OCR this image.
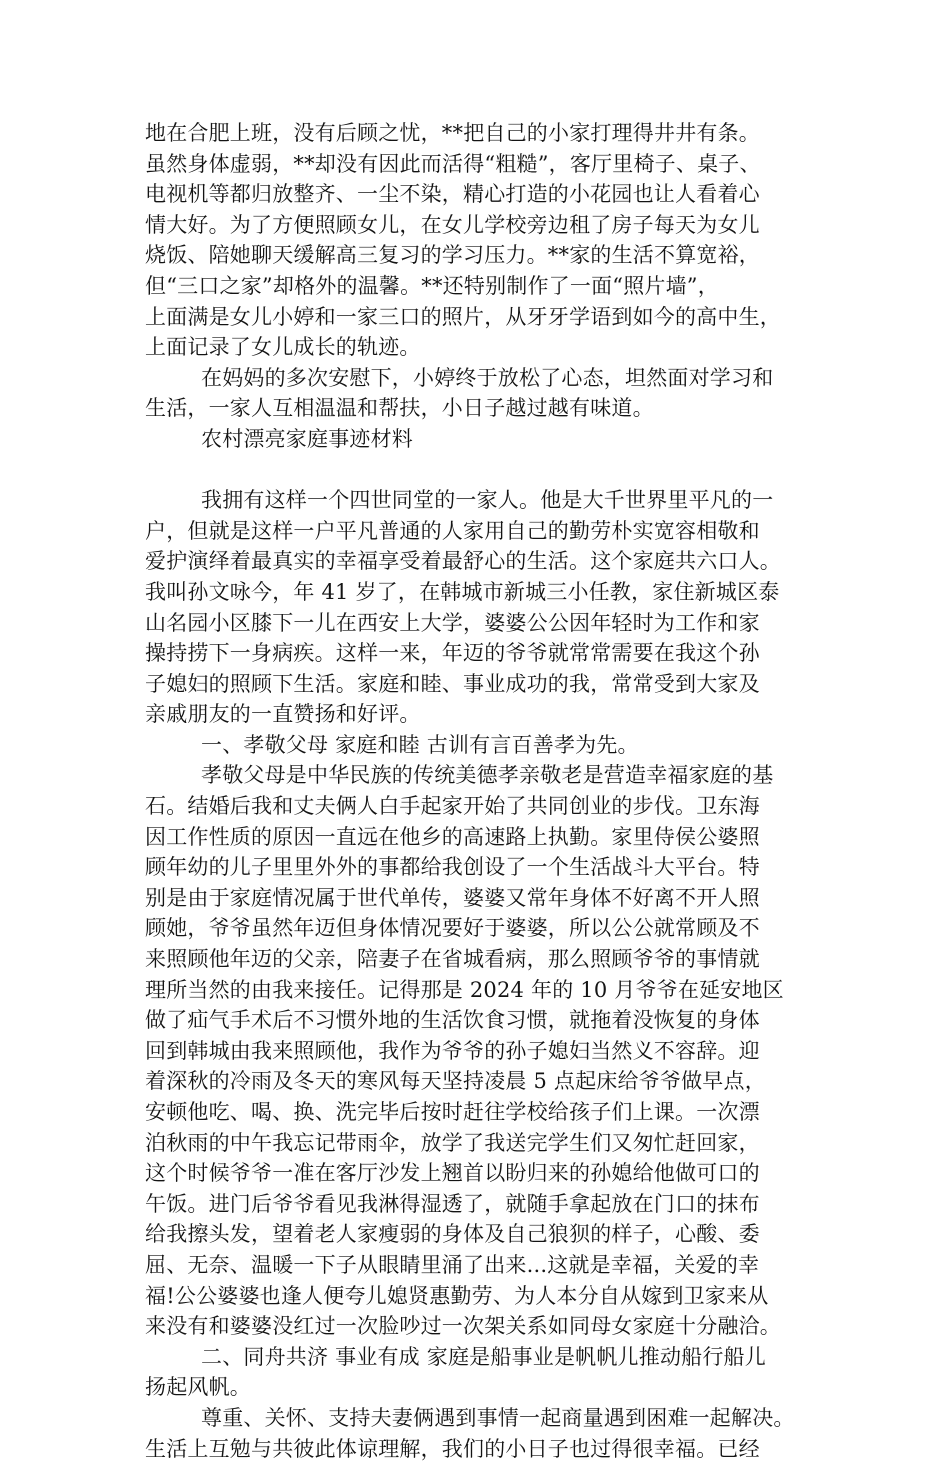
地在合肥上班，没有后顾之忧，**把自己的小家打理得井井有条。
虽然身体虚弱，**却没有因此而活得“粗糙”，客厅里椅子、桌子、
电视机等都归放整齐、一尘不染，精心打造的小花园也让人看着心
情大好。为了方便照顾女儿，在女儿学校旁边租了房子每天为女儿
烧饭、陪她聊天缓解高三复习的学习压力。**家的生活不算宽裕，
但“三口之家”却格外的温馨。**还特别制作了一面“照片墙”，
上面满是女儿小婷和一家三口的照片，从牙牙学语到如今的高中生，
上面记录了女儿成长的轨迹。

在妈妈的多次安慰下，小婷终于放松了心态，坦然面对学习和
生活，一家人互相温温和帮扶，小日子越过越有味道。

农村漂亮家庭事迹材料

我拥有这样一个四世同堂的一家人。他是大千世界里平凡的一
户，但就是这样一户平凡普通的人家用自己的勤劳朴实宽容相敬和
爱护演绎着最真实的幸福享受着最舒心的生活。这个家庭共六口人。
我叫孙文咏今，年 41 岁了，在韩城市新城三小任教，家住新城区泰
山名园小区膝下一儿在西安上大学，婆婆公公因年轻时为工作和家
操持捞下一身病疾。这样一来，年迈的爷爷就常常需要在我这个孙
子媳妇的照顾下生活。家庭和睦、事业成功的我，常常受到大家及
亲戚朋友的一直赞扬和好评。

一、孝敬父母 家庭和睦 古训有言百善孝为先。

孝敬父母是中华民族的传统美德孝亲敬老是营造幸福家庭的基
石。结婚后我和丈夫俩人白手起家开始了共同创业的步伐。卫东海
因工作性质的原因一直远在他乡的高速路上执勤。家里侍侯公婆照
顾年幼的儿子里里外外的事都给我创设了一个生活战斗大平台。特
别是由于家庭情况属于世代单传，婆婆又常年身体不好离不开人照
顾她，爷爷虽然年迈但身体情况要好于婆婆，所以公公就常顾及不
来照顾他年迈的父亲，陪妻子在省城看病，那么照顾爷爷的事情就
理所当然的由我来接任。记得那是 2024 年的 10 月爷爷在延安地区
做了疝气手术后不习惯外地的生活饮食习惯，就拖着没恢复的身体
回到韩城由我来照顾他，我作为爷爷的孙子媳妇当然义不容辞。迎
着深秋的冷雨及冬天的寒风每天坚持凌晨 5 点起床给爷爷做早点，
安顿他吃、喝、换、洗完毕后按时赶往学校给孩子们上课。一次漂
泊秋雨的中午我忘记带雨伞，放学了我送完学生们又匆忙赶回家，
这个时候爷爷一准在客厅沙发上翘首以盼归来的孙媳给他做可口的
午饭。进门后爷爷看见我淋得湿透了，就随手拿起放在门口的抹布
给我擦头发，望着老人家瘦弱的身体及自己狼狈的样子，心酸、委
屈、无奈、温暖一下子从眼睛里涌了出来...这就是幸福，关爱的幸
福!公公婆婆也逢人便夸儿媳贤惠勤劳、为人本分自从嫁到卫家来从
来没有和婆婆没红过一次脸吵过一次架关系如同母女家庭十分融洽。

二、同舟共济 事业有成 家庭是船事业是帆帆儿推动船行船儿
扬起风帆。

尊重、关怀、支持夫妻俩遇到事情一起商量遇到困难一起解决。
生活上互勉与共彼此体谅理解，我们的小日子也过得很幸福。已经
